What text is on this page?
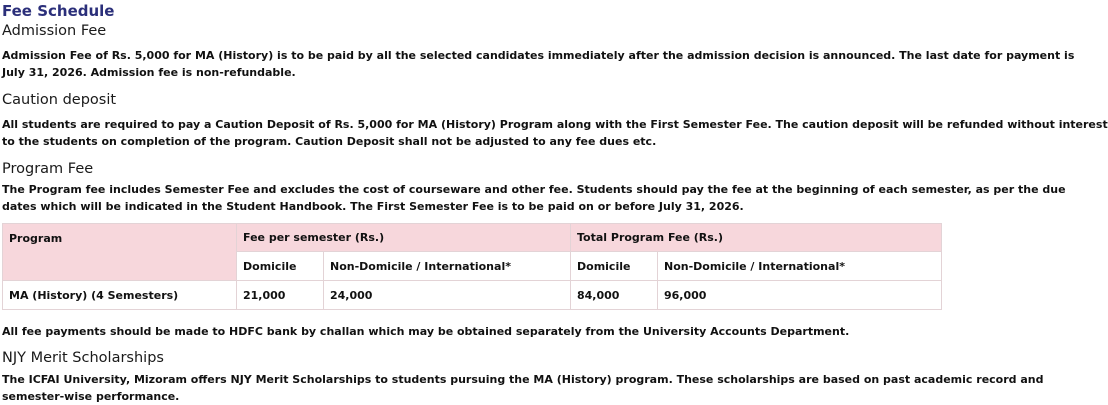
Fee Schedule
Admission Fee

Admission Fee of Rs. 5,000 for MA (History) is to be paid by all the selected candidates immediately after the admission decision is announced. The last date for payment is

July 31, 2026. Admission fee is non-refundable.

Caution deposit

All students are required to pay a Caution Deposit of Rs. 5,000 for MA (History) Program along with the First Semester Fee. The caution deposit will be refunded without interest

to the students on completion of the program. Caution Deposit shall not be adjusted to any fee dues etc.

Program Fee

The Program fee includes Semester Fee and excludes the cost of courseware and other fee. Students should pay the fee at the beginning of each semester, as per the due

dates which will be indicated in the Student Handbook. The First Semester Fee is to be paid on or before July 31, 2026.

Program	Fee per semester (Rs.)		Total Program Fee (Rs.)	
	Domicile	Non-Domicile / International*	Domicile	Non-Domicile / International*
MA (History) (4 Semesters)	21,000	24,000	84,000	96,000

All fee payments should be made to HDFC bank by challan which may be obtained separately from the University Accounts Department.

NJY Merit Scholarships

The ICFAI University, Mizoram offers NJY Merit Scholarships to students pursuing the MA (History) program. These scholarships are based on past academic record and

semester-wise performance.
